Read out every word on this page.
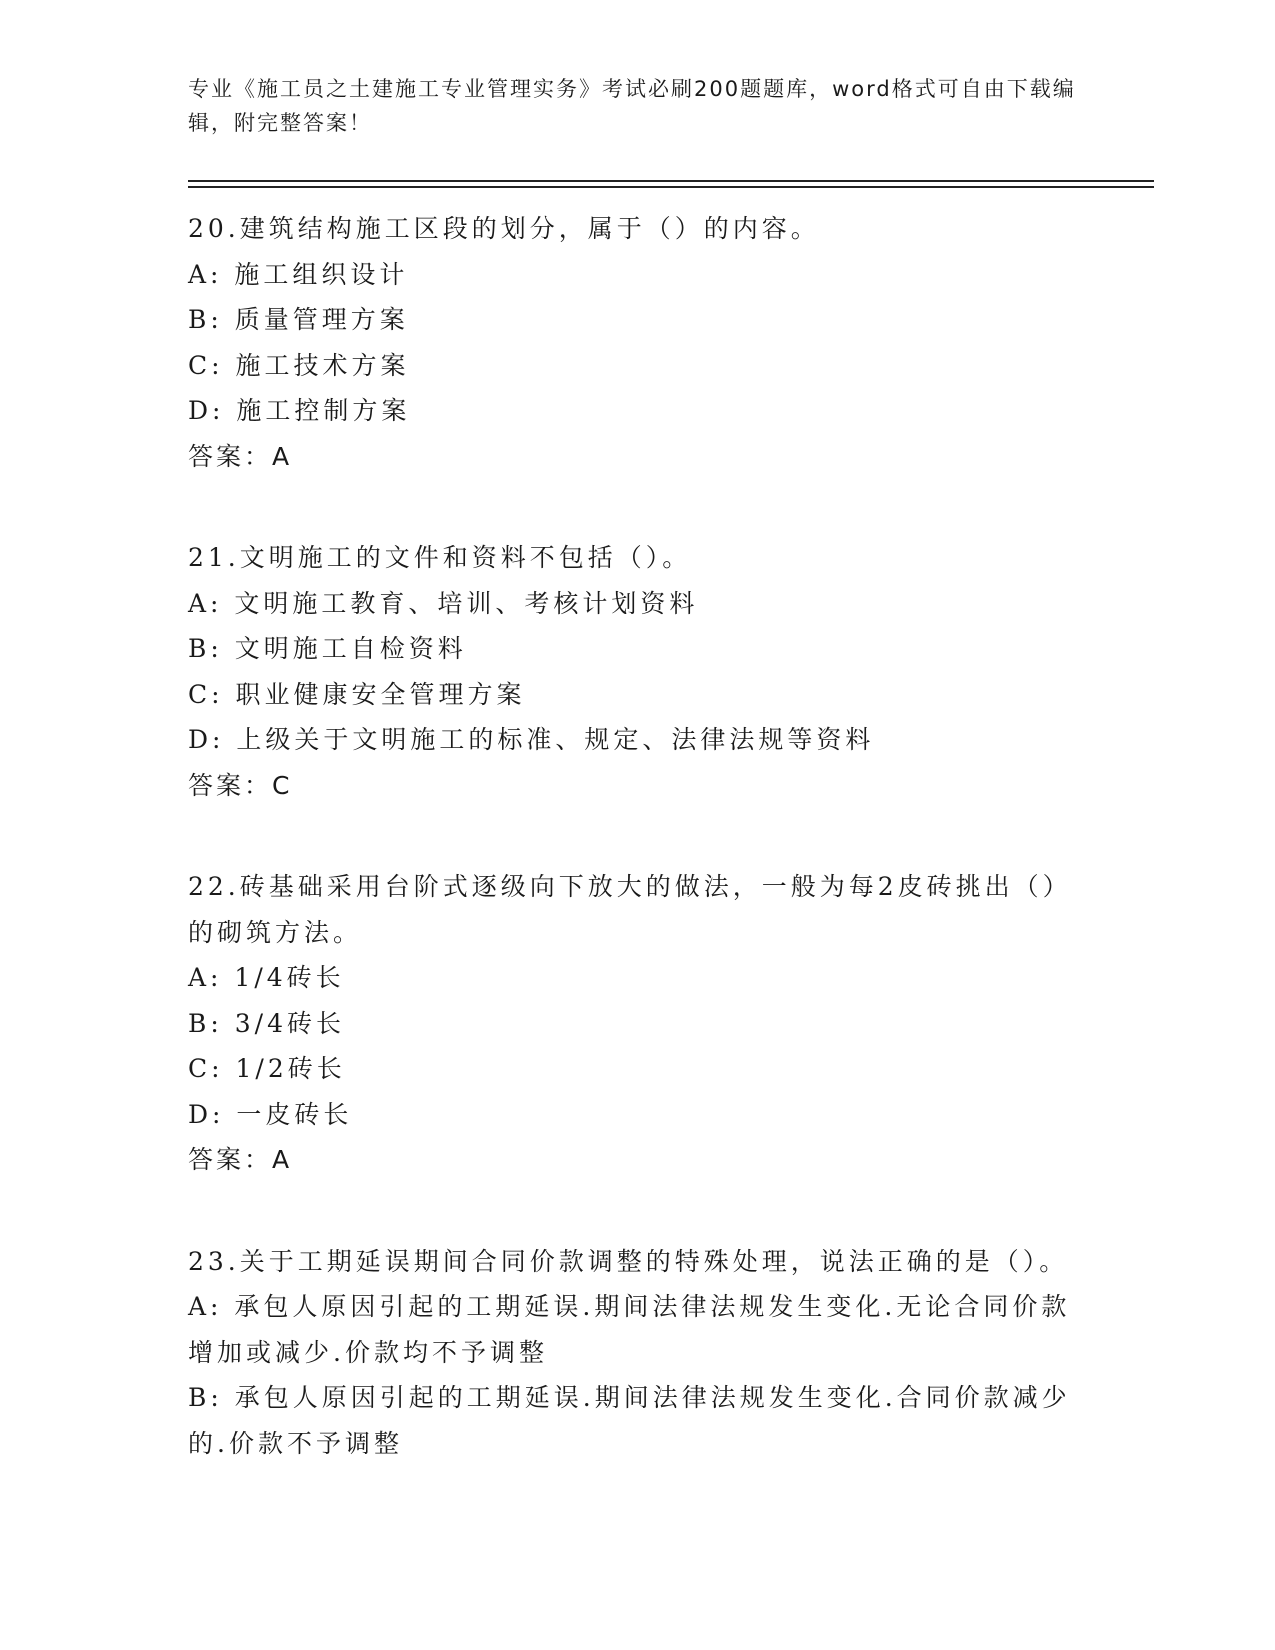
专业《施工员之土建施工专业管理实务》考试必刷200题题库，word格式可自由下载编辑，附完整答案！
20.建筑结构施工区段的划分，属于（）的内容。
A: 施工组织设计
B: 质量管理方案
C: 施工技术方案
D: 施工控制方案
答案：A
21.文明施工的文件和资料不包括（）。
A: 文明施工教育、培训、考核计划资料
B: 文明施工自检资料
C: 职业健康安全管理方案
D: 上级关于文明施工的标准、规定、法律法规等资料
答案：C
22.砖基础采用台阶式逐级向下放大的做法，一般为每2皮砖挑出（）的砌筑方法。
A: 1/4砖长
B: 3/4砖长
C: 1/2砖长
D: 一皮砖长
答案：A
23.关于工期延误期间合同价款调整的特殊处理，说法正确的是（）。
A: 承包人原因引起的工期延误.期间法律法规发生变化.无论合同价款增加或减少.价款均不予调整
B: 承包人原因引起的工期延误.期间法律法规发生变化.合同价款减少的.价款不予调整
